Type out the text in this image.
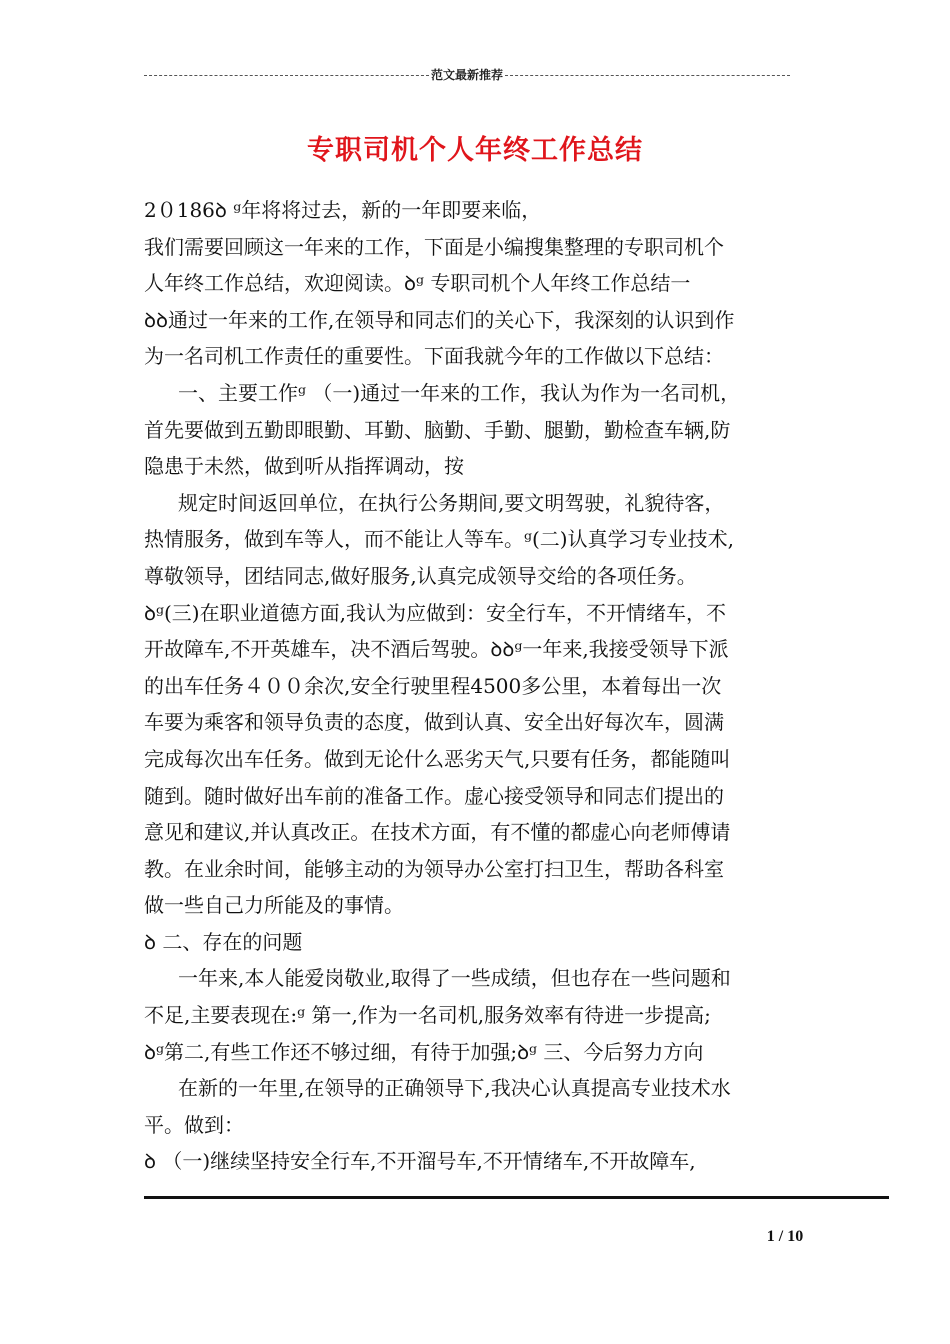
范文最新推荐
专职司机个人年终工作总结
2０186ꝺ ᵍ年将将过去，新的一年即要来临，
我们需要回顾这一年来的工作，下面是小编搜集整理的专职司机个
人年终工作总结，欢迎阅读。ꝺᵍ 专职司机个人年终工作总结一
ꝺꝺ通过一年来的工作,在领导和同志们的关心下，我深刻的认识到作
为一名司机工作责任的重要性。下面我就今年的工作做以下总结：
一、主要工作ᵍ （一)通过一年来的工作，我认为作为一名司机，
首先要做到五勤即眼勤、耳勤、脑勤、手勤、腿勤，勤检查车辆,防
隐患于未然，做到听从指挥调动，按
规定时间返回单位，在执行公务期间,要文明驾驶，礼貌待客，
热情服务，做到车等人，而不能让人等车。ᵍ(二)认真学习专业技术,
尊敬领导，团结同志,做好服务,认真完成领导交给的各项任务。
ꝺᵍ(三)在职业道德方面,我认为应做到：安全行车，不开情绪车，不
开故障车,不开英雄车，决不酒后驾驶。ꝺꝺᵍ一年来,我接受领导下派
的出车任务４００余次,安全行驶里程4500多公里，本着每出一次
车要为乘客和领导负责的态度，做到认真、安全出好每次车，圆满
完成每次出车任务。做到无论什么恶劣天气,只要有任务，都能随叫
随到。随时做好出车前的准备工作。虚心接受领导和同志们提出的
意见和建议,并认真改正。在技术方面，有不懂的都虚心向老师傅请
教。在业余时间，能够主动的为领导办公室打扫卫生，帮助各科室
做一些自己力所能及的事情。
ꝺ 二、存在的问题
一年来,本人能爱岗敬业,取得了一些成绩，但也存在一些问题和
不足,主要表现在:ᵍ 第一,作为一名司机,服务效率有待进一步提高;
ꝺᵍ第二,有些工作还不够过细，有待于加强;ꝺᵍ 三、今后努力方向
在新的一年里,在领导的正确领导下,我决心认真提高专业技术水
平。做到：
ꝺ （一)继续坚持安全行车,不开溜号车,不开情绪车,不开故障车,
1 / 10
